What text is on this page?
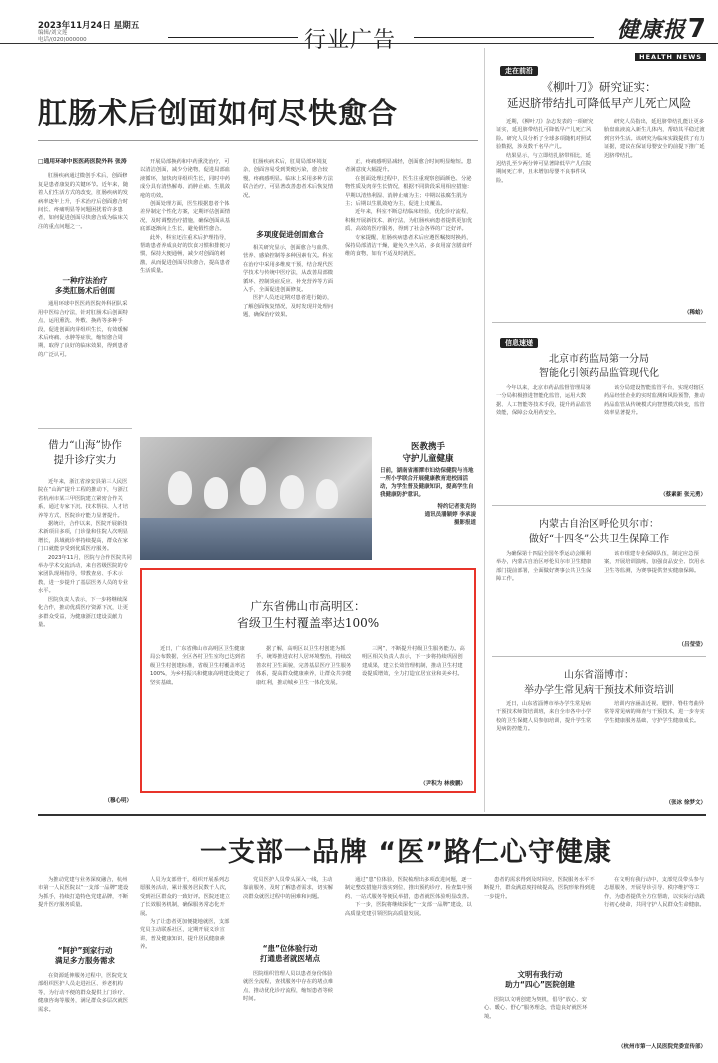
2023年11月24日 星期五
编辑/刘文莲
电话/(020)000000	行业广告	健康报7
HEALTH NEWS
肛肠术后创面如何尽快愈合
□通用环球中医医药医院外科 张涛

肛肠疾病通过微创手术后，创面修复是患者康复的关键环节。近年来，随着人们生活方式的改变，肛肠疾病的发病率逐年上升，手术治疗后创面愈合时间长、疼痛明显等问题困扰着许多患者，如何促进创面尽快愈合成为临床关注的重点问题之一。

一种疗法治疗
多类肛肠术后创面

通用环球中医医药医院外科团队采用中医综合疗法，针对肛肠术后创面特点，运用熏洗、外敷、换药等多种手段，促进创面肉芽组织生长，有效缓解术后疼痛、水肿等症状，缩短愈合周期，取得了良好的临床效果，得到患者的广泛认可。

开展局部换药和中药熏洗治疗，可以清洁创面，减少分泌物，促进局部血液循环，加快肉芽组织生长，同时中药成分具有清热解毒、消肿止痛、生肌敛疮的功效。

创面处理方面，医生根据患者个体差异制定个性化方案，定期评估创面情况，及时调整治疗措施，确保创面从基底部逐渐向上生长，避免假性愈合。

此外，科室还注重术后护理指导，帮助患者养成良好的饮食习惯和排便习惯，保持大便通畅，减少对创面的刺激，从而促进创面尽快愈合，提高患者生活质量。

肛肠疾病术后，肛周局部环境复杂，创面容易受到粪便污染，愈合较慢，疼痛感明显。临床上采用多种方法联合治疗，可显著改善患者术后恢复情况。

多项度促进创面愈合

相关研究显示，创面愈合与血供、营养、感染控制等多种因素有关。科室在治疗中采用多维度干预，结合现代医学技术与传统中医疗法，从改善局部微循环、控制炎症反应、补充营养等方面入手，全面促进创面修复。

医护人员还定期对患者进行随访，了解创面恢复情况，及时发现并处理问题，确保治疗效果。

正，疼痛感明显减轻，创面愈合时间明显缩短。患者满意度大幅提升。

在创面处理过程中，医生注重观察创面颜色、分泌物性质及肉芽生长情况，根据不同阶段采用相应措施：早期以清热利湿、消肿止痛为主；中期以祛腐生肌为主；后期以生肌敛疮为主，促进上皮覆盖。

近年来，科室不断总结临床经验，优化诊疗流程，积极开展新技术、新疗法，为肛肠疾病患者提供更加优质、高效的医疗服务，得到了社会各界的广泛好评。

专家提醒，肛肠疾病患者术后应遵医嘱按时换药，保持局部清洁干燥，避免久坐久站，多食用富含膳食纤维的食物，如有不适及时就医。

借力“山海”协作
提升诊疗实力

近年来，浙江省淳安县第三人民医院在“山海”提升工程的推动下，与浙江省杭州市某三甲医院建立紧密合作关系，通过专家下沉、技术帮扶、人才培养等方式，医院诊疗能力显著提升。

据统计，合作以来，医院开展新技术新项目多项，门诊量和住院人次明显增长，县域就诊率持续提高，群众在家门口就能享受到优质医疗服务。

2023年11月，医院与合作医院共同举办学术交流活动，来自省级医院的专家团队现场指导，带教查房、手术示教，进一步提升了基层医务人员的专业水平。

医院负责人表示，下一步将继续深化合作，推动优质医疗资源下沉，让更多群众受益，为健康浙江建设贡献力量。

（穆心明）
医教携手
守护儿童健康
日前，湖南省湘潭市妇幼保健院与当地一所小学联合开展健康教育进校园活动，为学生普及健康知识，提高学生自我健康防护意识。
特约记者张克钧
通讯员潘颖婷 李承凌
摄影报道
广东省佛山市高明区：
省级卫生村覆盖率达100%

近日，广东省佛山市高明区卫生健康局公布数据，全区各村卫生室均已达到省级卫生村创建标准，省级卫生村覆盖率达100%，为乡村振兴和健康高明建设奠定了坚实基础。

据了解，高明区以卫生村创建为抓手，统筹推进农村人居环境整治，持续改善农村卫生面貌，完善基层医疗卫生服务体系，提高群众健康素养，让群众共享健康红利，推动城乡卫生一体化发展。

三网”，不断提升村级卫生服务能力。高明区相关负责人表示，下一步将持续巩固创建成果，建立长效管理机制，推动卫生村建设提质增效，全力打造宜居宜业和美乡村。

（尹积为 林俊鹏）
走在前沿
《柳叶刀》研究证实：
延迟脐带结扎可降低早产儿死亡风险

近期，《柳叶刀》杂志发表的一项研究证实，延迟脐带结扎可降低早产儿死亡风险。研究人员分析了全球多项随机对照试验数据，涉及数千名早产儿。

结果显示，与立即结扎脐带相比，延迟结扎至少两分钟可显著降低早产儿住院期间死亡率，且未增加母婴不良事件风险。

研究人员指出，延迟脐带结扎能让更多胎盘血液流入新生儿体内，帮助其平稳过渡到宫外生活。该研究为临床实践提供了有力证据，建议在保证母婴安全的前提下推广延迟脐带结扎。

（稀蛤）
信息速递
北京市药监局第一分局
智能化引领药品监管现代化

今年以来，北京市药品监督管理局第一分局积极推进智能化监管，运用大数据、人工智能等技术手段，提升药品监管效能，保障公众用药安全。

该分局建设智能监管平台，实现对辖区药品经营企业的实时监测和风险预警，推动药品监管从传统模式向智慧模式转变，监管效率显著提升。

（蔡素新 张元勇）
内蒙古自治区呼伦贝尔市：
做好“十四冬”公共卫生保障工作

为确保第十四届全国冬季运动会顺利举办，内蒙古自治区呼伦贝尔市卫生健康部门提前部署，全面做好赛事公共卫生保障工作。

该市组建专业保障队伍，制定应急预案，开展培训演练，加强食品安全、饮用水卫生等监测，为赛事提供坚实健康保障。

（吕莹莹）
山东省淄博市：
举办学生常见病干预技术师资培训

近日，山东省淄博市举办学生常见病干预技术师资培训班，来自全市各中小学校的卫生保健人员参加培训，提升学生常见病防控能力。

培训内容涵盖近视、肥胖、脊柱弯曲异常等常见病的筛查与干预技术，进一步夯实学生健康服务基础，守护学生健康成长。

（张冰 徐梦文）
一支部一品牌 “医”路仁心守健康

为推动党建与业务深度融合，杭州市第一人民医院以“一支部一品牌”建设为抓手，持续打造特色党建品牌，不断提升医疗服务质量。

“阿护”到家行动
满足多方服务需求

在资源延伸服务过程中，医院党支部组织医护人员走进社区、养老机构等，为行动不便的群众提供上门诊疗、健康咨询等服务，满足群众多层次就医需求。

人员为支部骨干，组织开展系列志愿服务活动，累计服务居民数千人次，受到社区群众的一致好评。医院还建立了长效服务机制，确保服务常态化开展。

为了让患者更加便捷地就医，支部党员主动联系社区，定期开展义诊宣讲，普及健康知识，提升居民健康素养。

党员医护人员带头深入一线，主动靠前服务，及时了解患者需求，切实解决群众就医过程中的困难和问题。

“患”位体验行动
打通患者就医堵点

医院组织管理人员以患者身份体验就医全流程，查找服务中存在的堵点难点，推动优化诊疗流程，缩短患者等候时间。

通过“患”位体验，医院梳理出多项改进问题，逐一制定整改措施并落实到位，推出预约诊疗、检查集中预约、一站式服务等便民举措，患者就医体验明显改善。

下一步，医院将继续深化“一支部一品牌”建设，以高质量党建引领医院高质量发展。

患者的需求得到及时回应，医院服务水平不断提升，群众满意度持续提高，医院形象得到进一步提升。

文明有我行动
助力“四心”医院创建

医院以文明创建为契机，倡导“放心、安心、暖心、舒心”服务理念，营造良好就医环境。

在文明有我行动中，支部党员带头参与志愿服务，开展导诊引导、秩序维护等工作，为患者提供全方位帮助，以实际行动践行初心使命，共同守护人民群众生命健康。

（杭州市第一人民医院党委宣传部）
